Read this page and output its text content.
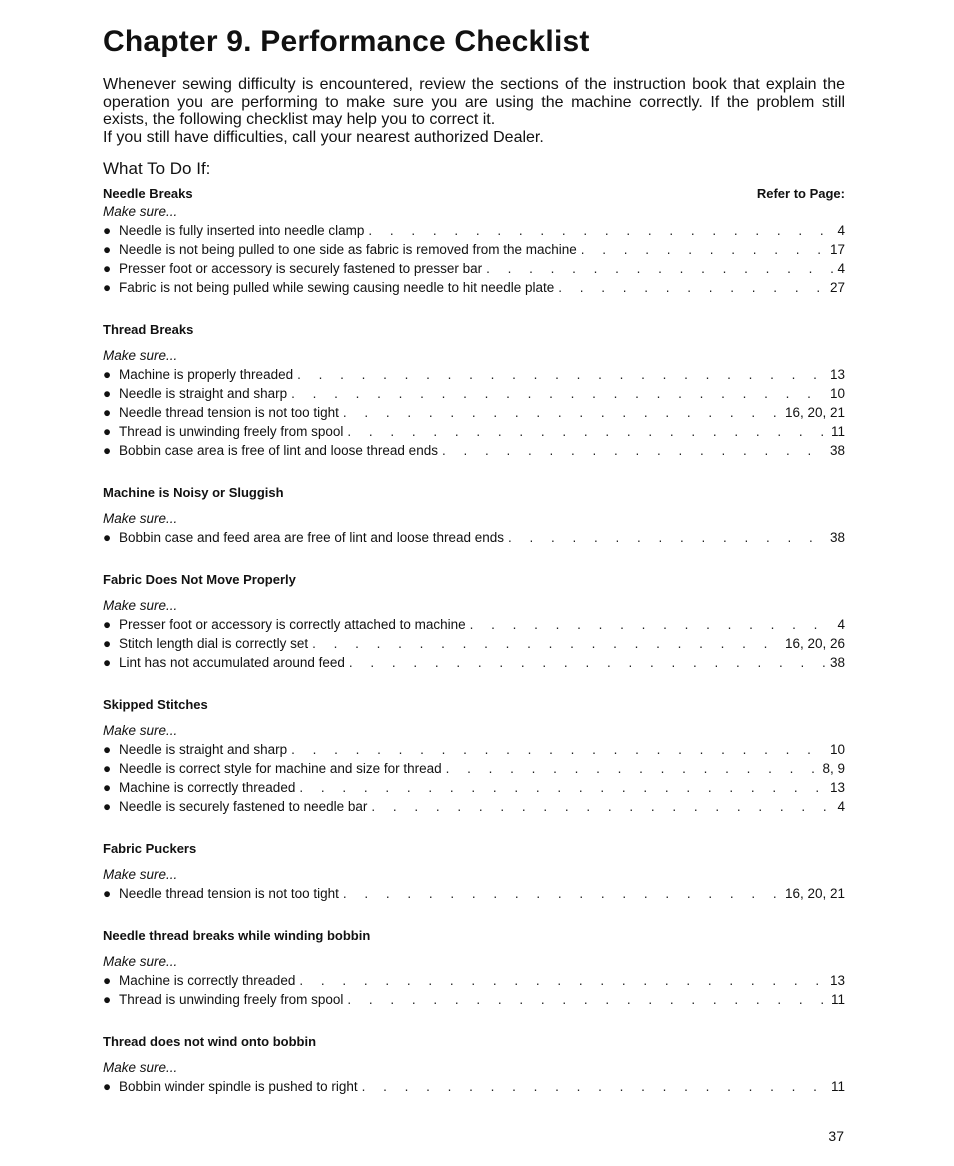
Chapter 9. Performance Checklist

Whenever sewing difficulty is encountered, review the sections of the instruction book that explain the operation you are performing to make sure you are using the machine correctly. If the problem still exists, the following checklist may help you to correct it.

If you still have difficulties, call your nearest authorized Dealer.

What To Do If:
Needle Breaks	Refer to Page:
Make sure...
● Needle is fully inserted into needle clamp . . .	4
● Needle is not being pulled to one side as fabric is removed from the machine . . .	17
● Presser foot or accessory is securely fastened to presser bar . . .	4
● Fabric is not being pulled while sewing causing needle to hit needle plate . . .	27
Thread Breaks
Make sure...
● Machine is properly threaded . . .	13
● Needle is straight and sharp . . .	10
● Needle thread tension is not too tight . . .	16, 20, 21
● Thread is unwinding freely from spool . . .	11
● Bobbin case area is free of lint and loose thread ends . . .	38
Machine is Noisy or Sluggish
Make sure...
● Bobbin case and feed area are free of lint and loose thread ends . . .	38
Fabric Does Not Move Properly
Make sure...
● Presser foot or accessory is correctly attached to machine . . .	4
● Stitch length dial is correctly set . . .	16, 20, 26
● Lint has not accumulated around feed . . .	38
Skipped Stitches
Make sure...
● Needle is straight and sharp . . .	10
● Needle is correct style for machine and size for thread . . .	8, 9
● Machine is correctly threaded . . .	13
● Needle is securely fastened to needle bar . . .	4
Fabric Puckers
Make sure...
● Needle thread tension is not too tight . . .	16, 20, 21
Needle thread breaks while winding bobbin
Make sure...
● Machine is correctly threaded . . .	13
● Thread is unwinding freely from spool . . .	11
Thread does not wind onto bobbin
Make sure...
● Bobbin winder spindle is pushed to right . . .	11
37
